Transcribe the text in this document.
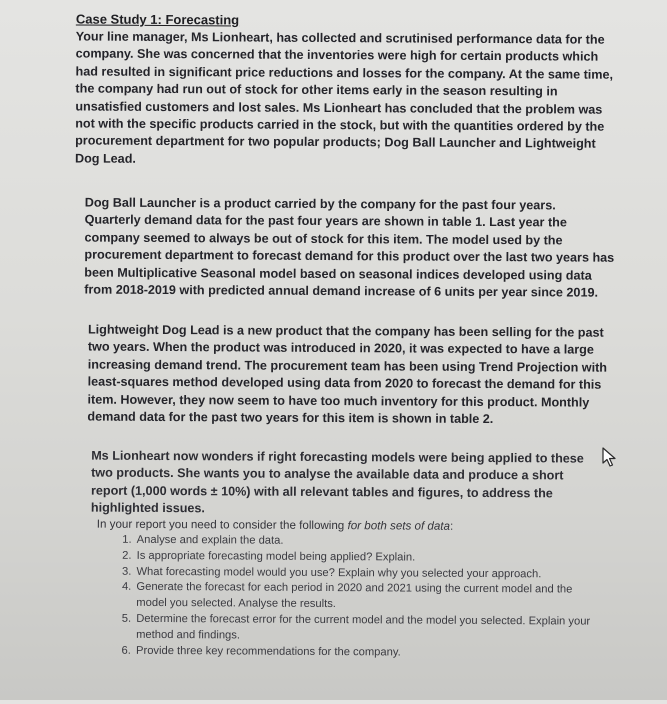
Case Study 1: Forecasting

Your line manager, Ms Lionheart, has collected and scrutinised performance data for the company. She was concerned that the inventories were high for certain products which had resulted in significant price reductions and losses for the company. At the same time, the company had run out of stock for other items early in the season resulting in unsatisfied customers and lost sales. Ms Lionheart has concluded that the problem was not with the specific products carried in the stock, but with the quantities ordered by the procurement department for two popular products; Dog Ball Launcher and Lightweight Dog Lead.

Dog Ball Launcher is a product carried by the company for the past four years. Quarterly demand data for the past four years are shown in table 1. Last year the company seemed to always be out of stock for this item. The model used by the procurement department to forecast demand for this product over the last two years has been Multiplicative Seasonal model based on seasonal indices developed using data from 2018-2019 with predicted annual demand increase of 6 units per year since 2019.

Lightweight Dog Lead is a new product that the company has been selling for the past two years. When the product was introduced in 2020, it was expected to have a large increasing demand trend. The procurement team has been using Trend Projection with least-squares method developed using data from 2020 to forecast the demand for this item. However, they now seem to have too much inventory for this product. Monthly demand data for the past two years for this item is shown in table 2.

Ms Lionheart now wonders if right forecasting models were being applied to these two products. She wants you to analyse the available data and produce a short report (1,000 words ± 10%) with all relevant tables and figures, to address the highlighted issues.

In your report you need to consider the following for both sets of data:

1. Analyse and explain the data.
2. Is appropriate forecasting model being applied? Explain.
3. What forecasting model would you use? Explain why you selected your approach.
4. Generate the forecast for each period in 2020 and 2021 using the current model and the model you selected. Analyse the results.
5. Determine the forecast error for the current model and the model you selected. Explain your method and findings.
6. Provide three key recommendations for the company.
